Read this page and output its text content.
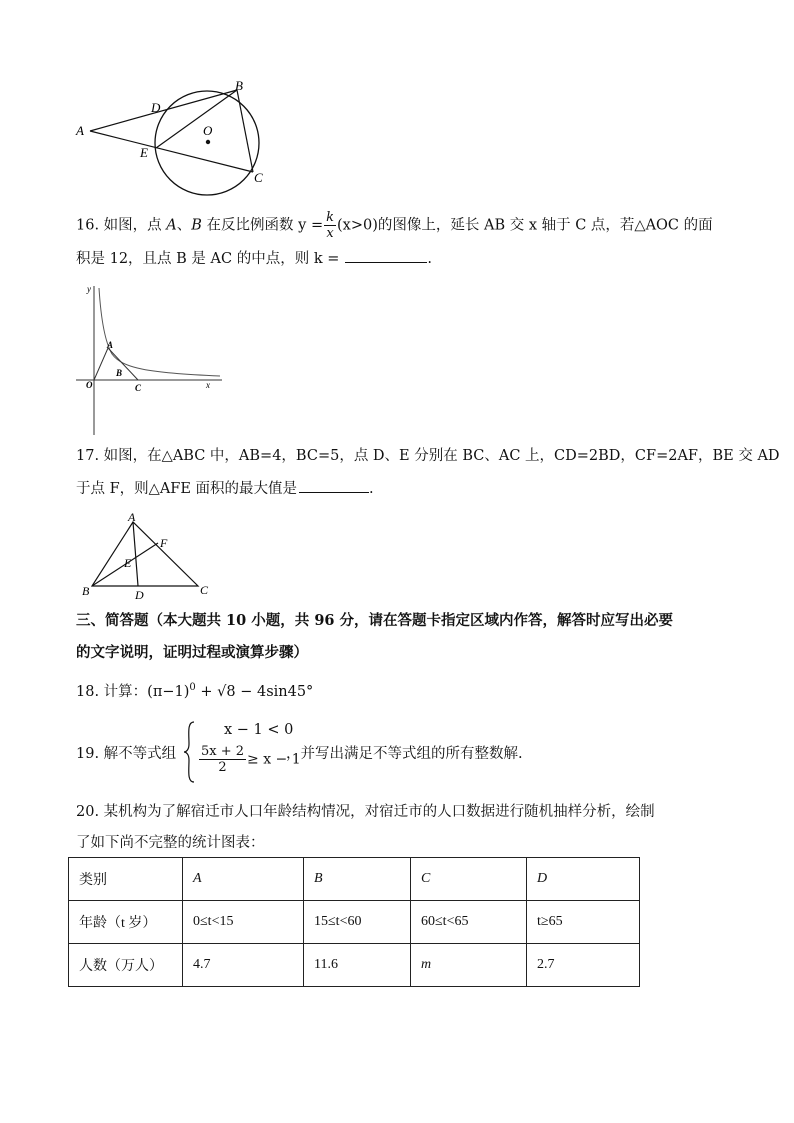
A
B
C
D
E
O
16. 如图，点 A、B 在反比例函数 $y = \frac{k}{x} (x>0)$的图像上，延长 AB 交 x 轴于 C 点，若△AOC 的面
积是 12，且点 B 是 AC 的中点，则 k =	.
y
A
B
O	C	x
17. 如图，在△ABC 中，AB=4，BC=5，点 D、E 分别在 BC、AC 上，CD=2BD，CF=2AF，BE 交 AD
于点 F，则△AFE 面积的最大值是	.
A
F
E
B	D	C
三、简答题（本大题共 10 小题，共 96 分，请在答题卡指定区域内作答，解答时应写出必要
的文字说明，证明过程或演算步骤）
18. 计算：$(\pi-1)^0 + √8 - 4\sin 45^\circ$
19. 解不等式组
x − 1 < 0
$\frac{5x + 2}{2} \ge x - 1$
，并写出满足不等式组的所有整数解.
20. 某机构为了解宿迁市人口年龄结构情况，对宿迁市的人口数据进行随机抽样分析，绘制
了如下尚不完整的统计图表：
类别	A	B	C	D
年龄（t 岁）	0≤t<15	15≤t<60	60≤t<65	t≥65
人数（万人）	4.7	11.6	m	2.7
